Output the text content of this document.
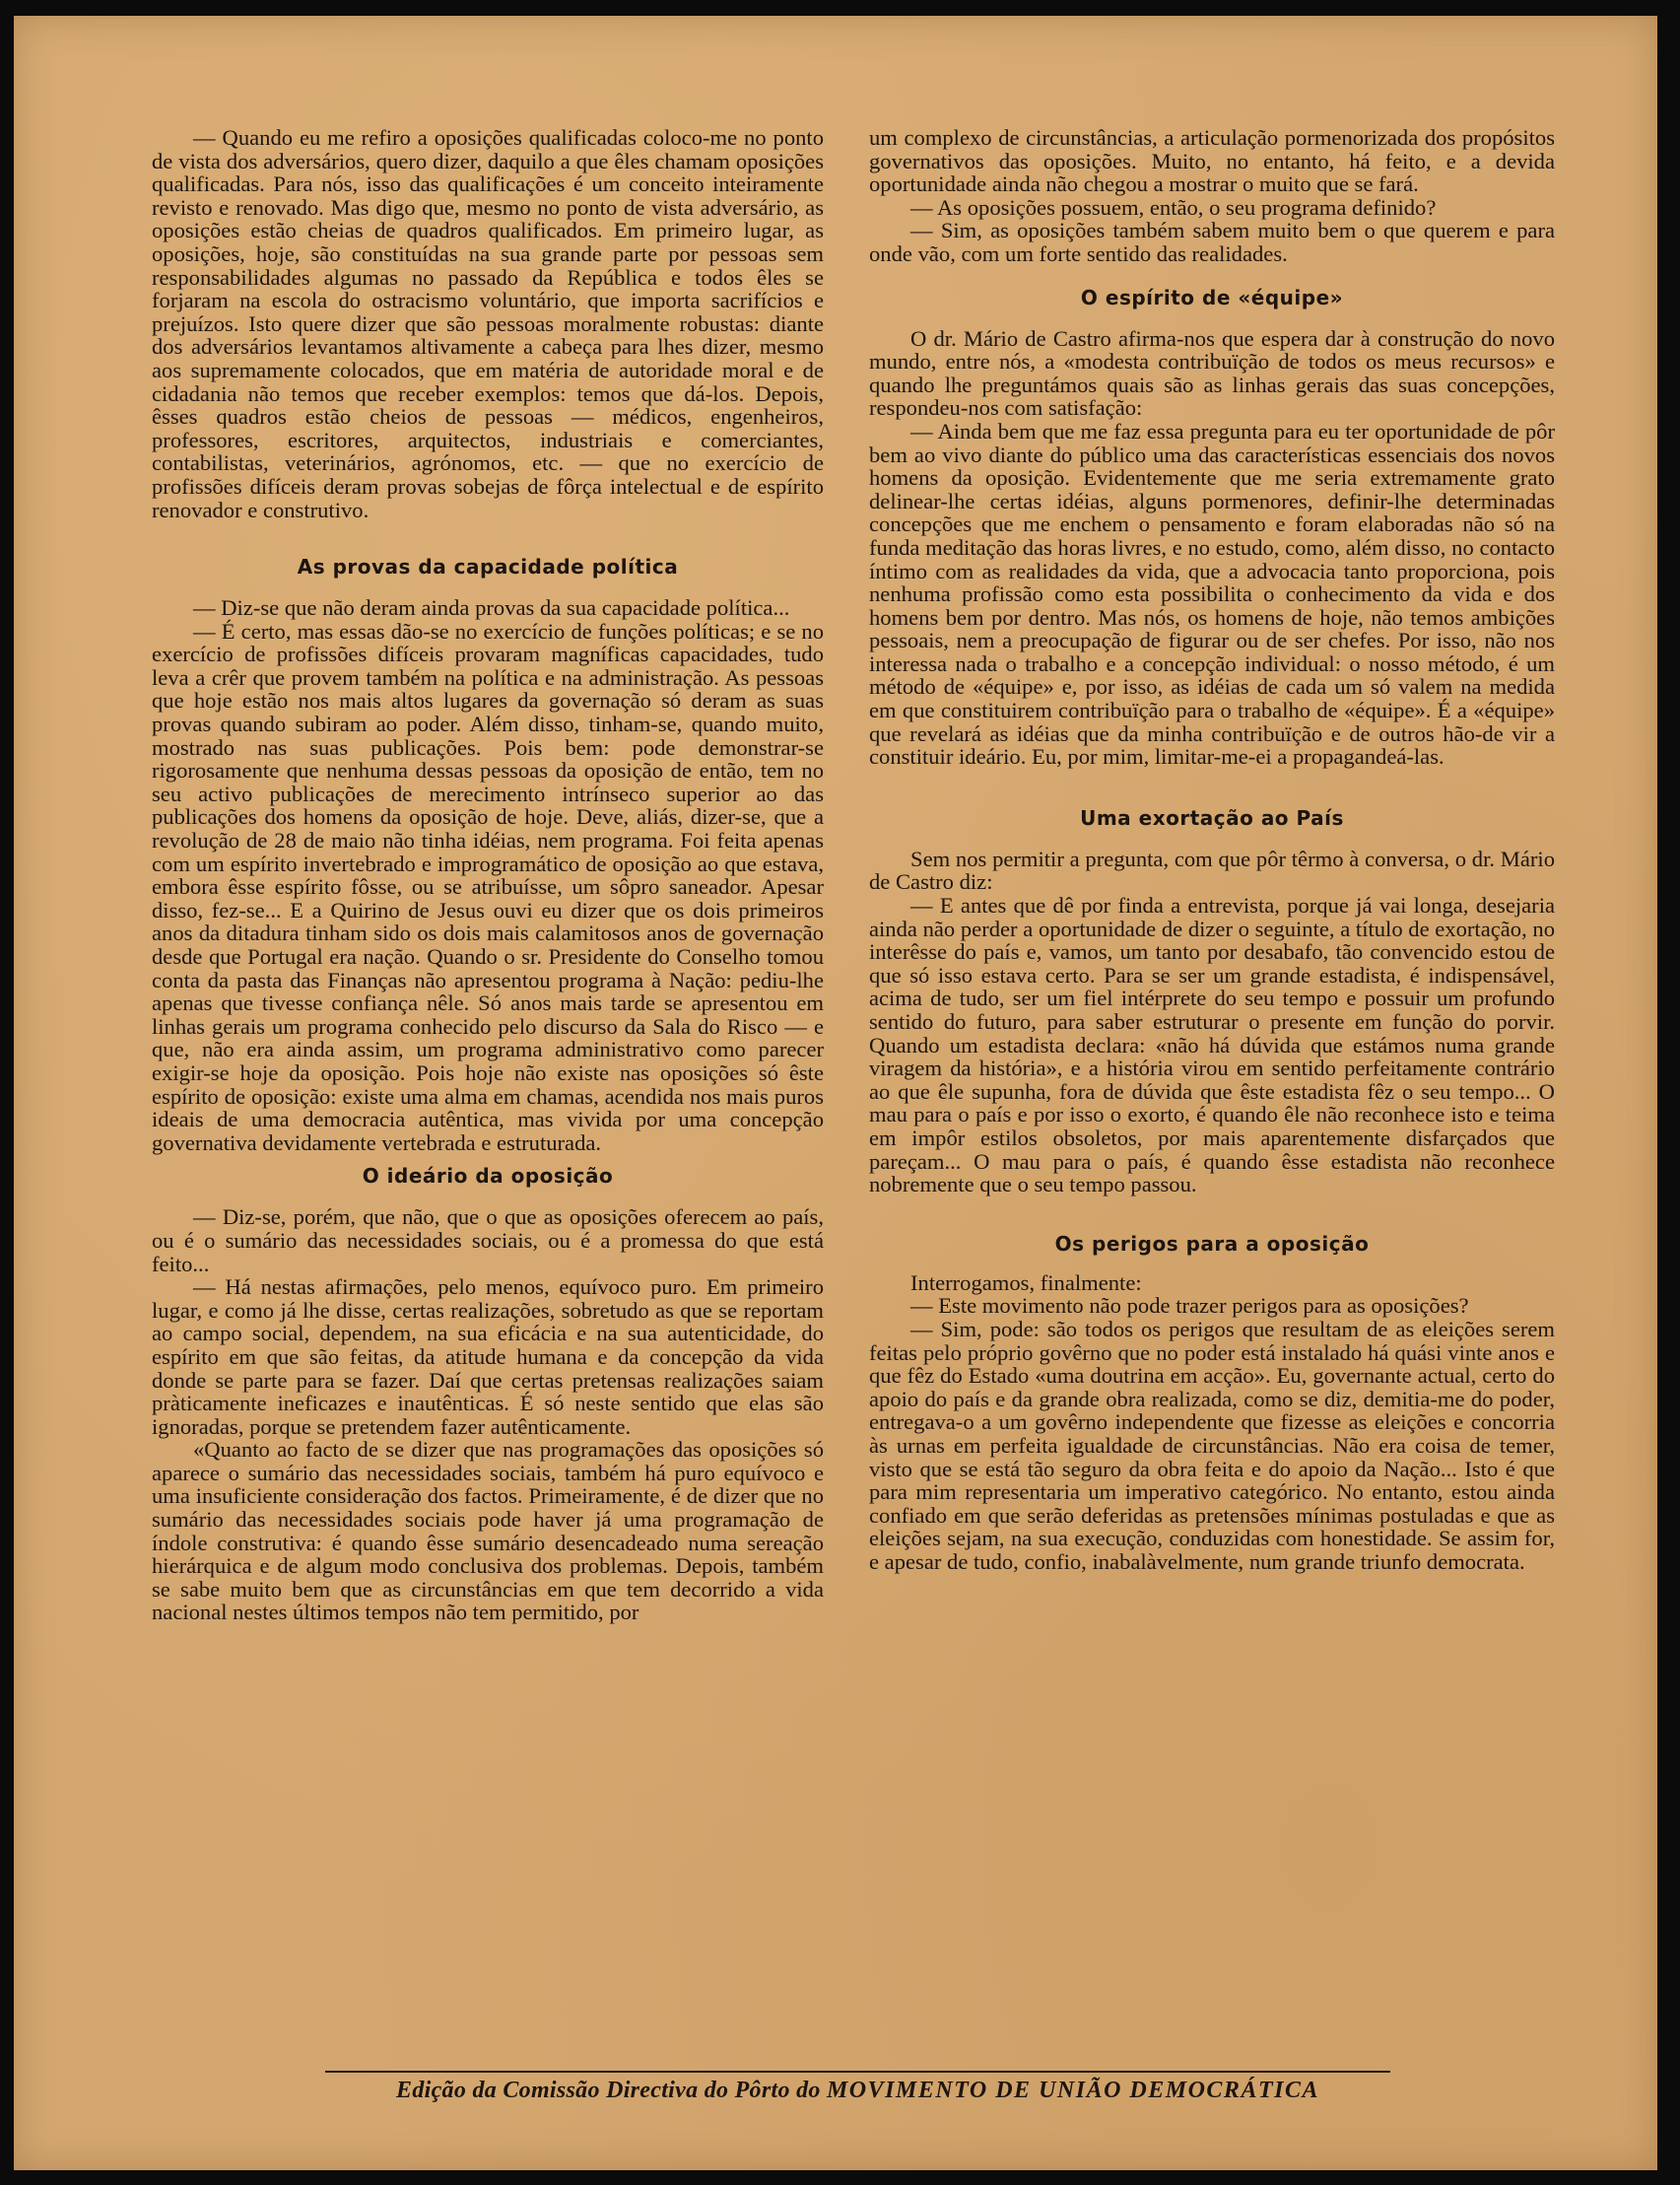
— Quando eu me refiro a oposições qualificadas coloco-me no ponto de vista dos adversários, quero dizer, daquilo a que êles chamam oposições qualificadas. Para nós, isso das qualificações é um conceito inteiramente revisto e renovado. Mas digo que, mesmo no ponto de vista adversário, as oposições estão cheias de quadros qualificados. Em primeiro lugar, as oposições, hoje, são constituídas na sua grande parte por pessoas sem responsabilidades algumas no passado da República e todos êles se forjaram na escola do ostracismo voluntário, que importa sacrifícios e prejuízos. Isto quere dizer que são pessoas moralmente robustas: diante dos adversários levantamos altivamente a cabeça para lhes dizer, mesmo aos supremamente colocados, que em matéria de autoridade moral e de cidadania não temos que receber exemplos: temos que dá-los. Depois, êsses quadros estão cheios de pessoas — médicos, engenheiros, professores, escritores, arquitectos, industriais e comerciantes, contabilistas, veterinários, agrónomos, etc. — que no exercício de profissões difíceis deram provas sobejas de fôrça intelectual e de espírito renovador e construtivo.

As provas da capacidade política

— Diz-se que não deram ainda provas da sua capacidade política...

— É certo, mas essas dão-se no exercício de funções políticas; e se no exercício de profissões difíceis provaram magníficas capacidades, tudo leva a crêr que provem também na política e na administração. As pessoas que hoje estão nos mais altos lugares da governação só deram as suas provas quando subiram ao poder. Além disso, tinham-se, quando muito, mostrado nas suas publicações. Pois bem: pode demonstrar-se rigorosamente que nenhuma dessas pessoas da oposição de então, tem no seu activo publicações de merecimento intrínseco superior ao das publicações dos homens da oposição de hoje. Deve, aliás, dizer-se, que a revolução de 28 de maio não tinha idéias, nem programa. Foi feita apenas com um espírito invertebrado e improgramático de oposição ao que estava, embora êsse espírito fôsse, ou se atribuísse, um sôpro saneador. Apesar disso, fez-se... E a Quirino de Jesus ouvi eu dizer que os dois primeiros anos da ditadura tinham sido os dois mais calamitosos anos de governação desde que Portugal era nação. Quando o sr. Presidente do Conselho tomou conta da pasta das Finanças não apresentou programa à Nação: pediu-lhe apenas que tivesse confiança nêle. Só anos mais tarde se apresentou em linhas gerais um programa conhecido pelo discurso da Sala do Risco — e que, não era ainda assim, um programa administrativo como parecer exigir-se hoje da oposição. Pois hoje não existe nas oposições só êste espírito de oposição: existe uma alma em chamas, acendida nos mais puros ideais de uma democracia autêntica, mas vivida por uma concepção governativa devidamente vertebrada e estruturada.

O ideário da oposição

— Diz-se, porém, que não, que o que as oposições oferecem ao país, ou é o sumário das necessidades sociais, ou é a promessa do que está feito...

— Há nestas afirmações, pelo menos, equívoco puro. Em primeiro lugar, e como já lhe disse, certas realizações, sobretudo as que se reportam ao campo social, dependem, na sua eficácia e na sua autenticidade, do espírito em que são feitas, da atitude humana e da concepção da vida donde se parte para se fazer. Daí que certas pretensas realizações saiam pràticamente ineficazes e inautênticas. É só neste sentido que elas são ignoradas, porque se pretendem fazer autênticamente.

«Quanto ao facto de se dizer que nas programações das oposições só aparece o sumário das necessidades sociais, também há puro equívoco e uma insuficiente consideração dos factos. Primeiramente, é de dizer que no sumário das necessidades sociais pode haver já uma programação de índole construtiva: é quando êsse sumário desencadeado numa sereação hierárquica e de algum modo conclusiva dos problemas. Depois, também se sabe muito bem que as circunstâncias em que tem decorrido a vida nacional nestes últimos tempos não tem permitido, por

um complexo de circunstâncias, a articulação pormenorizada dos propósitos governativos das oposições. Muito, no entanto, há feito, e a devida oportunidade ainda não chegou a mostrar o muito que se fará.

— As oposições possuem, então, o seu programa definido?

— Sim, as oposições também sabem muito bem o que querem e para onde vão, com um forte sentido das realidades.

O espírito de «équipe»

O dr. Mário de Castro afirma-nos que espera dar à construção do novo mundo, entre nós, a «modesta contribuïção de todos os meus recursos» e quando lhe preguntámos quais são as linhas gerais das suas concepções, respondeu-nos com satisfação:

— Ainda bem que me faz essa pregunta para eu ter oportunidade de pôr bem ao vivo diante do público uma das características essenciais dos novos homens da oposição. Evidentemente que me seria extremamente grato delinear-lhe certas idéias, alguns pormenores, definir-lhe determinadas concepções que me enchem o pensamento e foram elaboradas não só na funda meditação das horas livres, e no estudo, como, além disso, no contacto íntimo com as realidades da vida, que a advocacia tanto proporciona, pois nenhuma profissão como esta possibilita o conhecimento da vida e dos homens bem por dentro. Mas nós, os homens de hoje, não temos ambições pessoais, nem a preocupação de figurar ou de ser chefes. Por isso, não nos interessa nada o trabalho e a concepção individual: o nosso método, é um método de «équipe» e, por isso, as idéias de cada um só valem na medida em que constituirem contribuïção para o trabalho de «équipe». É a «équipe» que revelará as idéias que da minha contribuïção e de outros hão-de vir a constituir ideário. Eu, por mim, limitar-me-ei a propagandeá-las.

Uma exortação ao País

Sem nos permitir a pregunta, com que pôr têrmo à conversa, o dr. Mário de Castro diz:

— E antes que dê por finda a entrevista, porque já vai longa, desejaria ainda não perder a oportunidade de dizer o seguinte, a título de exortação, no interêsse do país e, vamos, um tanto por desabafo, tão convencido estou de que só isso estava certo. Para se ser um grande estadista, é indispensável, acima de tudo, ser um fiel intérprete do seu tempo e possuir um profundo sentido do futuro, para saber estruturar o presente em função do porvir. Quando um estadista declara: «não há dúvida que estámos numa grande viragem da história», e a história virou em sentido perfeitamente contrário ao que êle supunha, fora de dúvida que êste estadista fêz o seu tempo... O mau para o país e por isso o exorto, é quando êle não reconhece isto e teima em impôr estilos obsoletos, por mais aparentemente disfarçados que pareçam... O mau para o país, é quando êsse estadista não reconhece nobremente que o seu tempo passou.

Os perigos para a oposição

Interrogamos, finalmente:

— Este movimento não pode trazer perigos para as oposições?

— Sim, pode: são todos os perigos que resultam de as eleições serem feitas pelo próprio govêrno que no poder está instalado há quási vinte anos e que fêz do Estado «uma doutrina em acção». Eu, governante actual, certo do apoio do país e da grande obra realizada, como se diz, demitia-me do poder, entregava-o a um govêrno independente que fizesse as eleições e concorria às urnas em perfeita igualdade de circunstâncias. Não era coisa de temer, visto que se está tão seguro da obra feita e do apoio da Nação... Isto é que para mim representaria um imperativo categórico. No entanto, estou ainda confiado em que serão deferidas as pretensões mínimas postuladas e que as eleições sejam, na sua execução, conduzidas com honestidade. Se assim for, e apesar de tudo, confio, inabalàvelmente, num grande triunfo democrata.

Edição da Comissão Directiva do Pôrto do MOVIMENTO DE UNIÃO DEMOCRÁTICA
